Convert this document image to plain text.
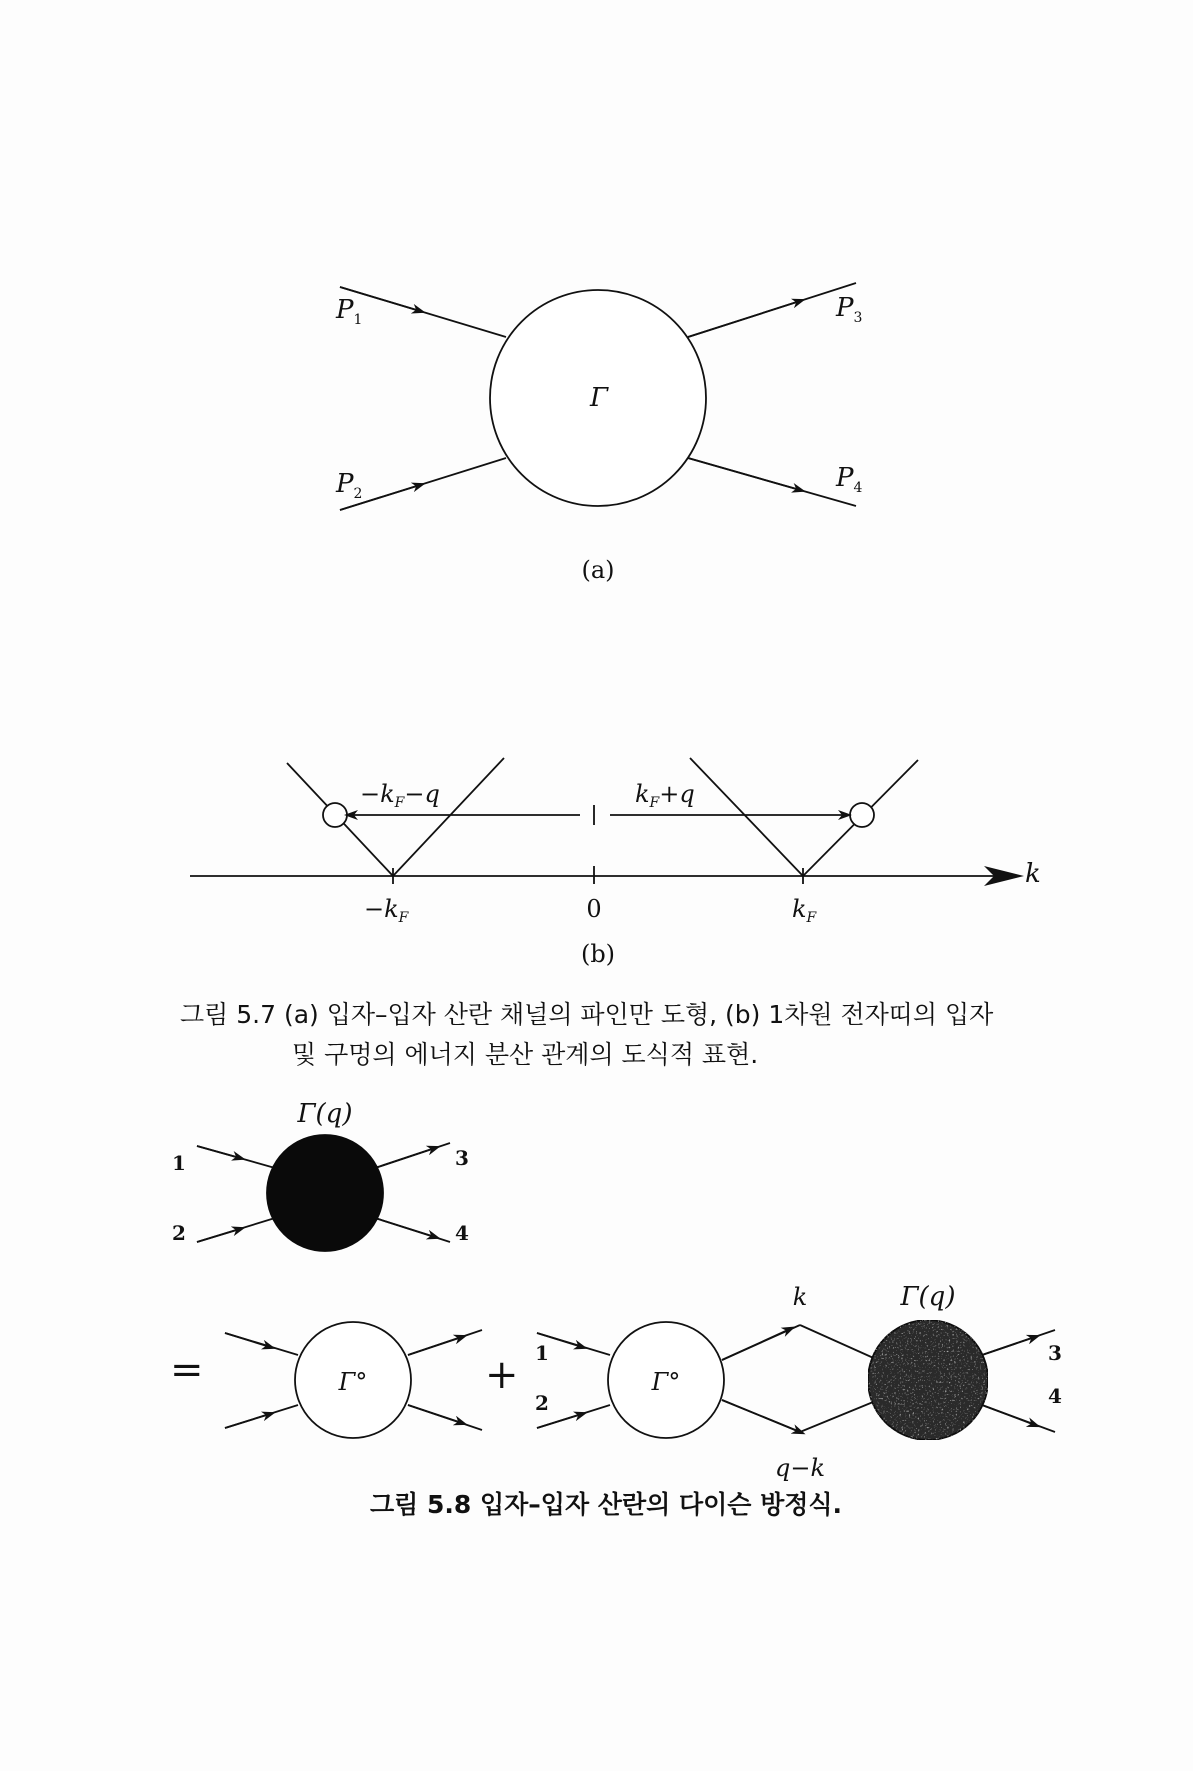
$P_1$
$P_2$
$P_3$
$P_4$
Γ
(a)
$-k_F-q$	$k_F+q$
$-k_F$	0	$k_F$
k
(b)
Γ(q)
1
2
3
4
=	Γ°	+	Γ°
1
2
3
4
k
q−k
Γ(q)
그림 5.7 (a) 입자–입자 산란 채널의 파인만 도형, (b) 1차원 전자띠의 입자
및 구멍의 에너지 분산 관계의 도식적 표현.
그림 5.8 입자–입자 산란의 다이슨 방정식.
